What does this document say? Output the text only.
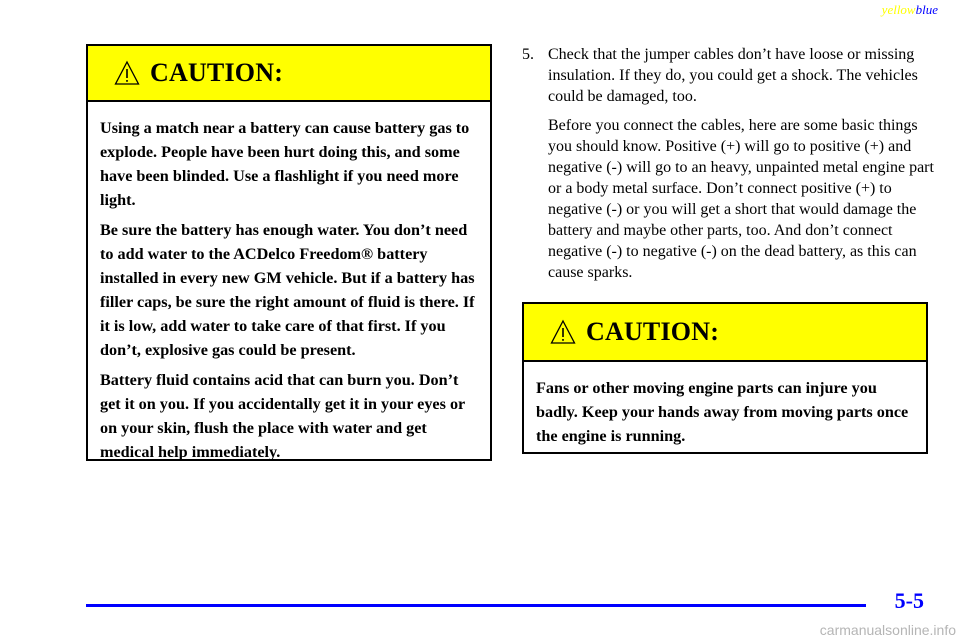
yellowblue
CAUTION:

Using a match near a battery can cause battery gas to explode. People have been hurt doing this, and some have been blinded. Use a flashlight if you need more light.

Be sure the battery has enough water. You don’t need to add water to the ACDelco Freedom® battery installed in every new GM vehicle. But if a battery has filler caps, be sure the right amount of fluid is there. If it is low, add water to take care of that first. If you don’t, explosive gas could be present.

Battery fluid contains acid that can burn you. Don’t get it on you. If you accidentally get it in your eyes or on your skin, flush the place with water and get medical help immediately.

5. Check that the jumper cables don’t have loose or missing insulation. If they do, you could get a shock. The vehicles could be damaged, too.

Before you connect the cables, here are some basic things you should know. Positive (+) will go to positive (+) and negative (-) will go to an heavy, unpainted metal engine part or a body metal surface. Don’t connect positive (+) to negative (-) or you will get a short that would damage the battery and maybe other parts, too. And don’t connect negative (-) to negative (-) on the dead battery, as this can cause sparks.

CAUTION:

Fans or other moving engine parts can injure you badly. Keep your hands away from moving parts once the engine is running.

5-5
carmanualsonline.info
